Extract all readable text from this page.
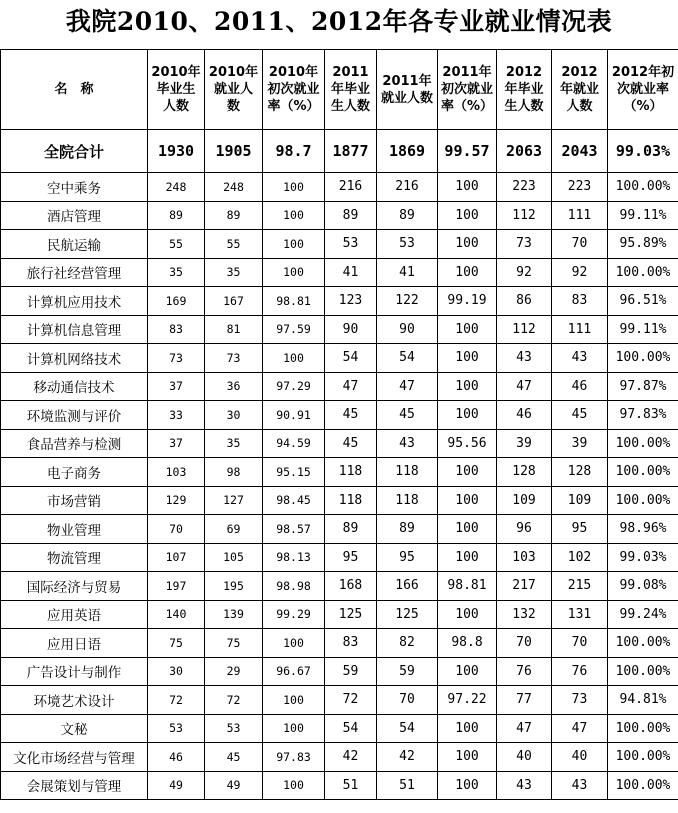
我院2010、2011、2012年各专业就业情况表
名　称	2010年毕业生人数	2010年就业人数	2010年初次就业率（%）	2011年毕业生人数	2011年就业人数	2011年初次就业率（%）	2012年毕业生人数	2012年就业人数	2012年初次就业率（%）
全院合计	1930	1905	98.7	1877	1869	99.57	2063	2043	99.03%
空中乘务	248	248	100	216	216	100	223	223	100.00%
酒店管理	89	89	100	89	89	100	112	111	99.11%
民航运输	55	55	100	53	53	100	73	70	95.89%
旅行社经营管理	35	35	100	41	41	100	92	92	100.00%
计算机应用技术	169	167	98.81	123	122	99.19	86	83	96.51%
计算机信息管理	83	81	97.59	90	90	100	112	111	99.11%
计算机网络技术	73	73	100	54	54	100	43	43	100.00%
移动通信技术	37	36	97.29	47	47	100	47	46	97.87%
环境监测与评价	33	30	90.91	45	45	100	46	45	97.83%
食品营养与检测	37	35	94.59	45	43	95.56	39	39	100.00%
电子商务	103	98	95.15	118	118	100	128	128	100.00%
市场营销	129	127	98.45	118	118	100	109	109	100.00%
物业管理	70	69	98.57	89	89	100	96	95	98.96%
物流管理	107	105	98.13	95	95	100	103	102	99.03%
国际经济与贸易	197	195	98.98	168	166	98.81	217	215	99.08%
应用英语	140	139	99.29	125	125	100	132	131	99.24%
应用日语	75	75	100	83	82	98.8	70	70	100.00%
广告设计与制作	30	29	96.67	59	59	100	76	76	100.00%
环境艺术设计	72	72	100	72	70	97.22	77	73	94.81%
文秘	53	53	100	54	54	100	47	47	100.00%
文化市场经营与管理	46	45	97.83	42	42	100	40	40	100.00%
会展策划与管理	49	49	100	51	51	100	43	43	100.00%
